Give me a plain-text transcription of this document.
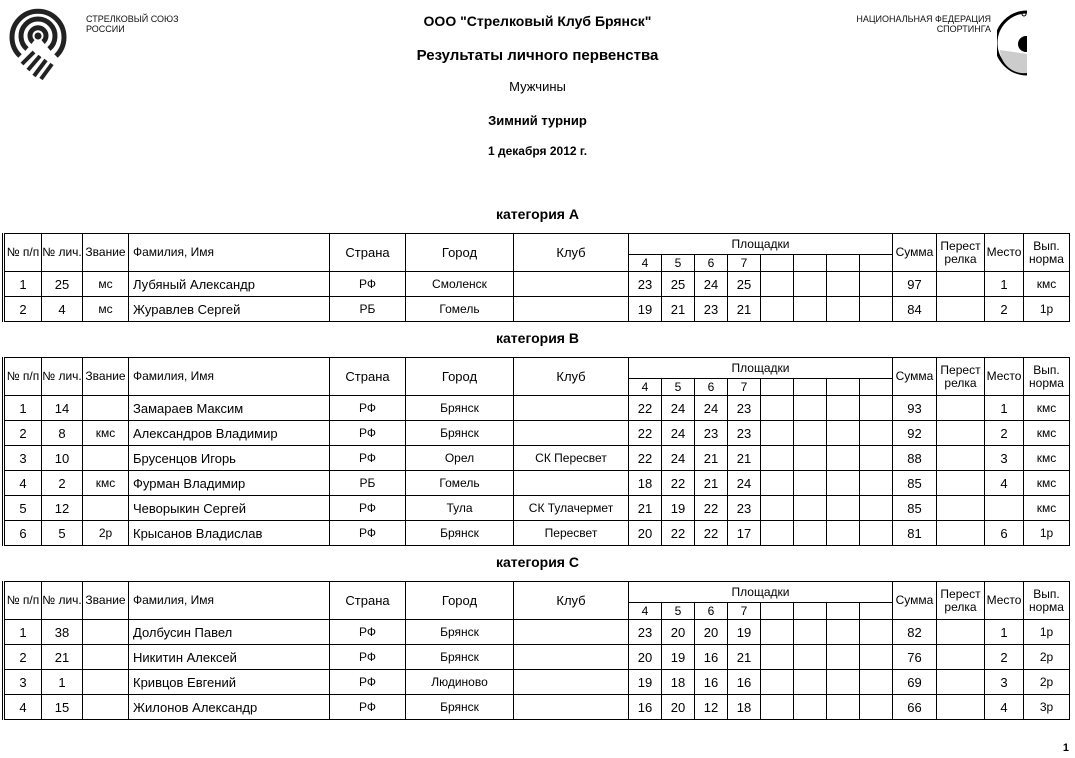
СТРЕЛКОВЫЙ СОЮЗ
РОССИИ
НАЦИОНАЛЬНАЯ ФЕДЕРАЦИЯ
СПОРТИНГА
ООО "Стрелковый Клуб Брянск"
Результаты личного первенства
Мужчины
Зимний турнир
1 декабря 2012 г.
категория A
№ п/п	№ лич.	Звание	Фамилия, Имя	Страна	Город	Клуб	Площадки								Сумма	Перест релка	Место	Вып. норма
							4	5	6	7								
1	25	мс	Лубяный Александр	РФ	Смоленск		23	25	24	25					97		1	кмс
2	4	мс	Журавлев Сергей	РБ	Гомель		19	21	23	21					84		2	1р
категория B
№ п/п	№ лич.	Звание	Фамилия, Имя	Страна	Город	Клуб	Площадки								Сумма	Перест релка	Место	Вып. норма
							4	5	6	7								
1	14		Замараев Максим	РФ	Брянск		22	24	24	23					93		1	кмс
2	8	кмс	Александров Владимир	РФ	Брянск		22	24	23	23					92		2	кмс
3	10		Брусенцов Игорь	РФ	Орел	СК Пересвет	22	24	21	21					88		3	кмс
4	2	кмс	Фурман Владимир	РБ	Гомель		18	22	21	24					85		4	кмс
5	12		Чеворыкин Сергей	РФ	Тула	СК Тулачермет	21	19	22	23					85			кмс
6	5	2р	Крысанов Владислав	РФ	Брянск	Пересвет	20	22	22	17					81		6	1р
категория C
№ п/п	№ лич.	Звание	Фамилия, Имя	Страна	Город	Клуб	Площадки								Сумма	Перест релка	Место	Вып. норма
							4	5	6	7								
1	38		Долбусин Павел	РФ	Брянск		23	20	20	19					82		1	1р
2	21		Никитин Алексей	РФ	Брянск		20	19	16	21					76		2	2р
3	1		Кривцов Евгений	РФ	Людиново		19	18	16	16					69		3	2р
4	15		Жилонов Александр	РФ	Брянск		16	20	12	18					66		4	3р
1
